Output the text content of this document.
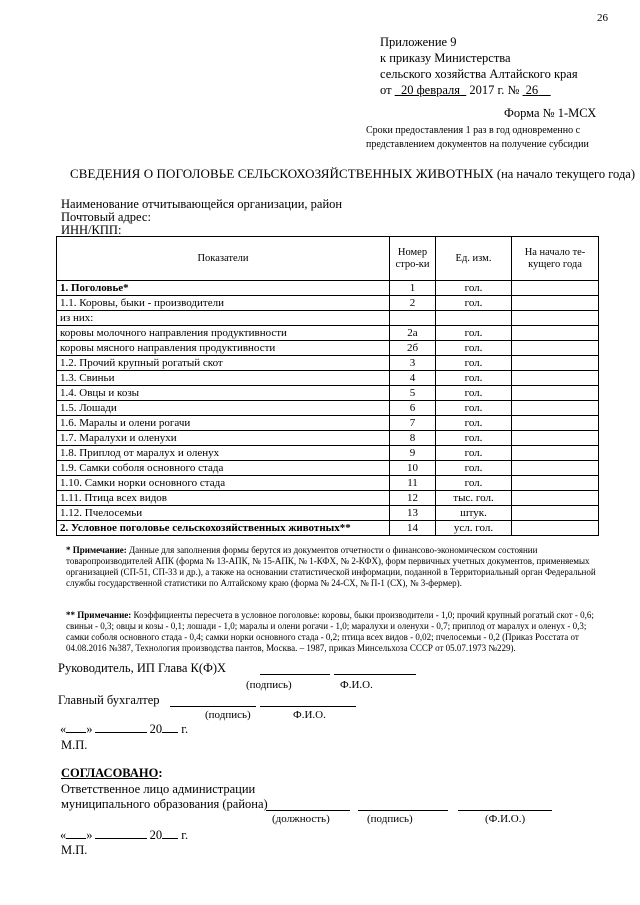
26
Приложение 9
к приказу Министерства
сельского хозяйства Алтайского края
от 20 февраля 2017 г. № 26
Форма № 1-МСХ
Сроки предоставления 1 раз в год одновременно с
представлением документов на получение субсидии
СВЕДЕНИЯ О ПОГОЛОВЬЕ СЕЛЬСКОХОЗЯЙСТВЕННЫХ ЖИВОТНЫХ (на начало текущего года)
Наименование отчитывающейся организации, район
Почтовый адрес:
ИНН/КПП:
Показатели	Номер стро-ки	Ед. изм.	На начало те-кущего года
1. Поголовье*	1	гол.	
1.1. Коровы, быки - производители	2	гол.	
из них:			
коровы молочного направления продуктивности	2а	гол.	
коровы мясного направления продуктивности	2б	гол.	
1.2. Прочий крупный рогатый скот	3	гол.	
1.3. Свиньи	4	гол.	
1.4. Овцы и козы	5	гол.	
1.5. Лошади	6	гол.	
1.6. Маралы и олени рогачи	7	гол.	
1.7. Маралухи и оленухи	8	гол.	
1.8. Приплод от маралух и оленух	9	гол.	
1.9. Самки соболя основного стада	10	гол.	
1.10. Самки норки основного стада	11	гол.	
1.11. Птица всех видов	12	тыс. гол.	
1.12. Пчелосемьи	13	штук.	
2. Условное поголовье сельскохозяйственных животных**	14	усл. гол.	
* Примечание: Данные для заполнения формы берутся из документов отчетности о финансово-экономическом состоянии товаропроизводителей АПК (форма № 13-АПК, № 15-АПК, № 1-КФХ, № 2-КФХ), форм первичных учетных документов, применяемых организацией (СП-51, СП-33 и др.), а также на основании статистической информации, поданной в Территориальный орган Федеральной службы государственной статистики по Алтайскому краю (форма № 24-СХ, № П-1 (СХ), № 3-фермер).
** Примечание: Коэффициенты пересчета в условное поголовье: коровы, быки производители - 1,0; прочий крупный рогатый скот - 0,6; свиньи - 0,3; овцы и козы - 0,1; лошади - 1,0; маралы и олени рогачи - 1,0; маралухи и оленухи - 0,7; приплод от маралух и оленух - 0,3; самки соболя основного стада - 0,4; самки норки основного стада - 0,2; птица всех видов - 0,02; пчелосемьи - 0,2 (Приказ Росстата от 04.08.2016 №387, Технология производства пантов, Москва. – 1987, приказ Минсельхоза СССР от 05.07.1973 №229).
Руководитель, ИП Глава К(Ф)Х
(подпись)	Ф.И.О.
Главный бухгалтер
(подпись)	Ф.И.О.
« »	20 г.
М.П.
СОГЛАСОВАНО:
Ответственное лицо администрации
муниципального образования (района)
(должность)	(подпись)	(Ф.И.О.)
« »	20 г.
М.П.
